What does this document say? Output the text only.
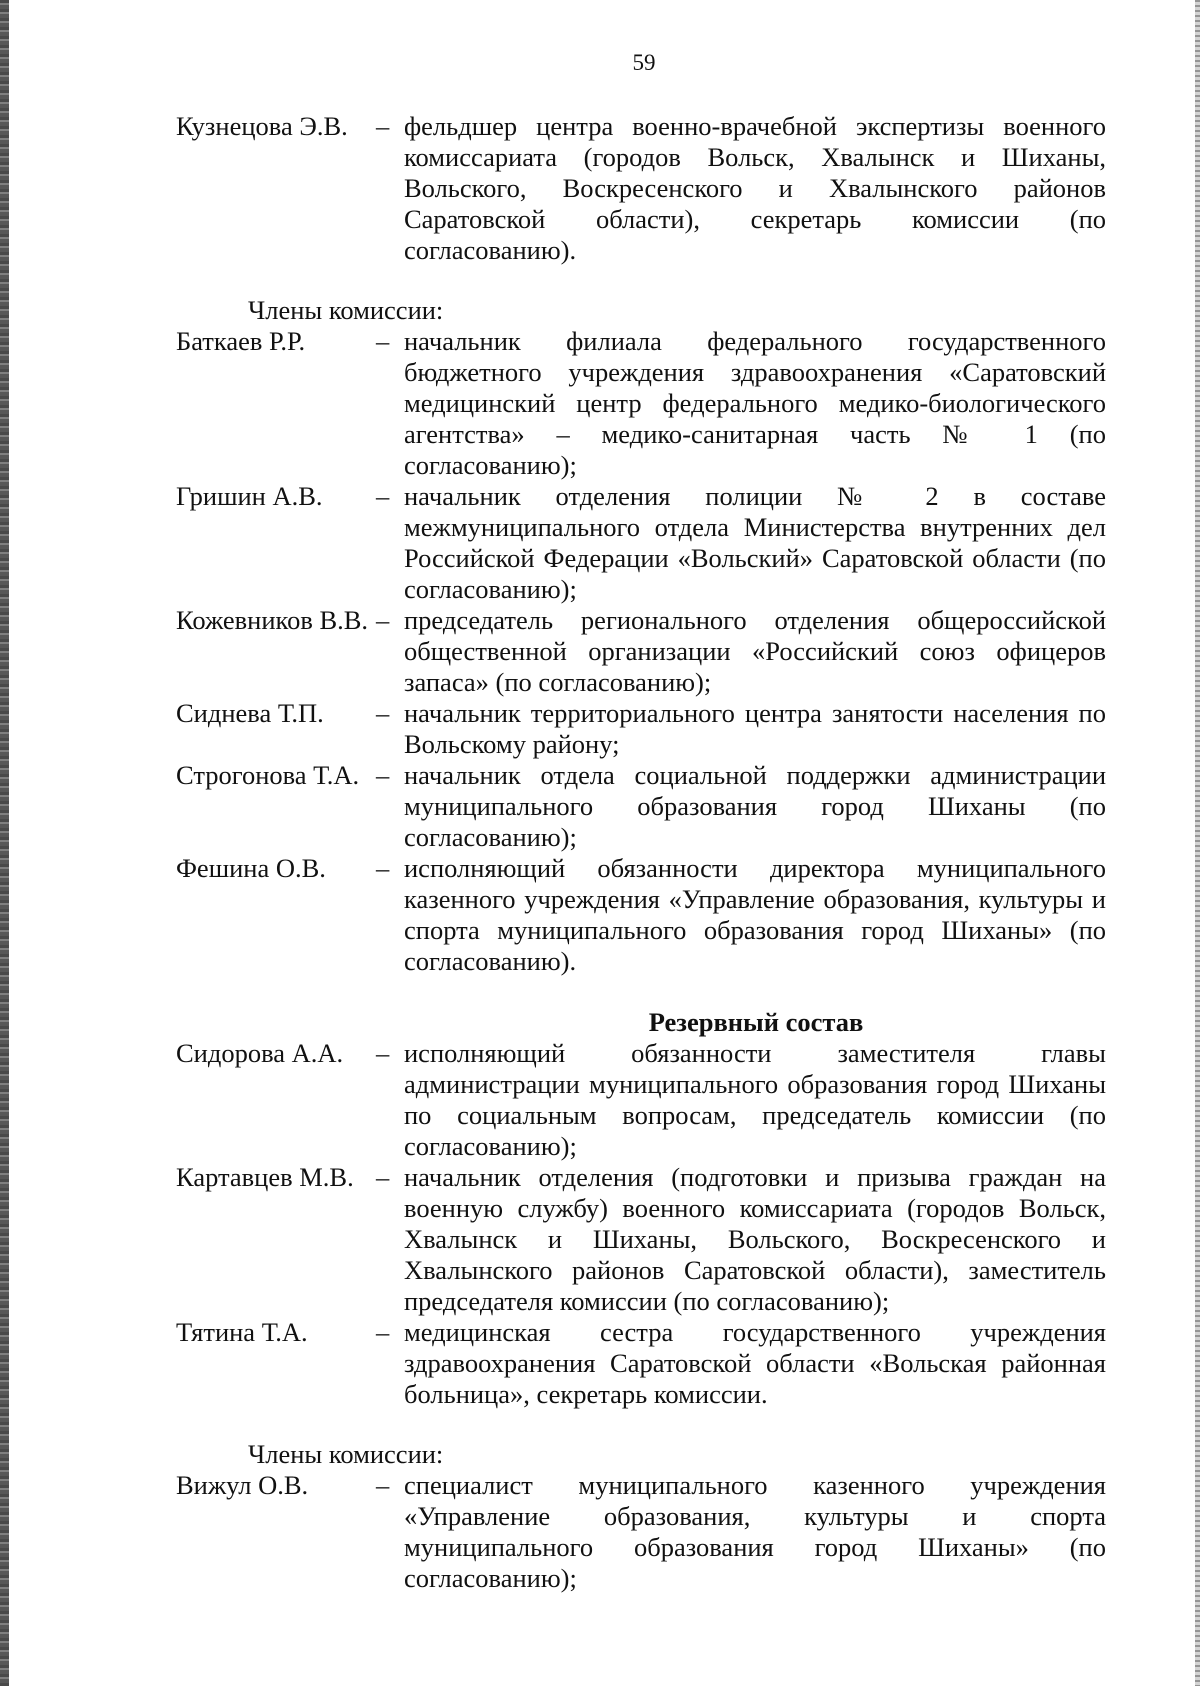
59
Кузнецова Э.В.	– фельдшер центра военно-врачебной экспертизы военного комиссариата (городов Вольск, Хвалынск и Шиханы, Вольского, Воскресенского и Хвалынского районов Саратовской области), секретарь комиссии (по согласованию).
Члены комиссии:
Баткаев Р.Р.	– начальник филиала федерального государственного бюджетного учреждения здравоохранения «Саратовский медицинский центр федерального медико-биологического агентства» – медико-санитарная часть № 1 (по согласованию);
Гришин А.В.	– начальник отделения полиции № 2 в составе межмуниципального отдела Министерства внутренних дел Российской Федерации «Вольский» Саратовской области (по согласованию);
Кожевников В.В. – председатель регионального отделения общероссийской общественной организации «Российский союз офицеров запаса» (по согласованию);
Сиднева Т.П.	– начальник территориального центра занятости населения по Вольскому району;
Строгонова Т.А. – начальник отдела социальной поддержки администрации муниципального образования город Шиханы (по согласованию);
Фешина О.В.	– исполняющий обязанности директора муниципального казенного учреждения «Управление образования, культуры и спорта муниципального образования город Шиханы» (по согласованию).
Резервный состав
Сидорова А.А.	– исполняющий обязанности заместителя главы администрации муниципального образования город Шиханы по социальным вопросам, председатель комиссии (по согласованию);
Картавцев М.В. – начальник отделения (подготовки и призыва граждан на военную службу) военного комиссариата (городов Вольск, Хвалынск и Шиханы, Вольского, Воскресенского и Хвалынского районов Саратовской области), заместитель председателя комиссии (по согласованию);
Тятина Т.А.	– медицинская сестра государственного учреждения здравоохранения Саратовской области «Вольская районная больница», секретарь комиссии.
Члены комиссии:
Вижул О.В.	– специалист муниципального казенного учреждения «Управление образования, культуры и спорта муниципального образования город Шиханы» (по согласованию);
